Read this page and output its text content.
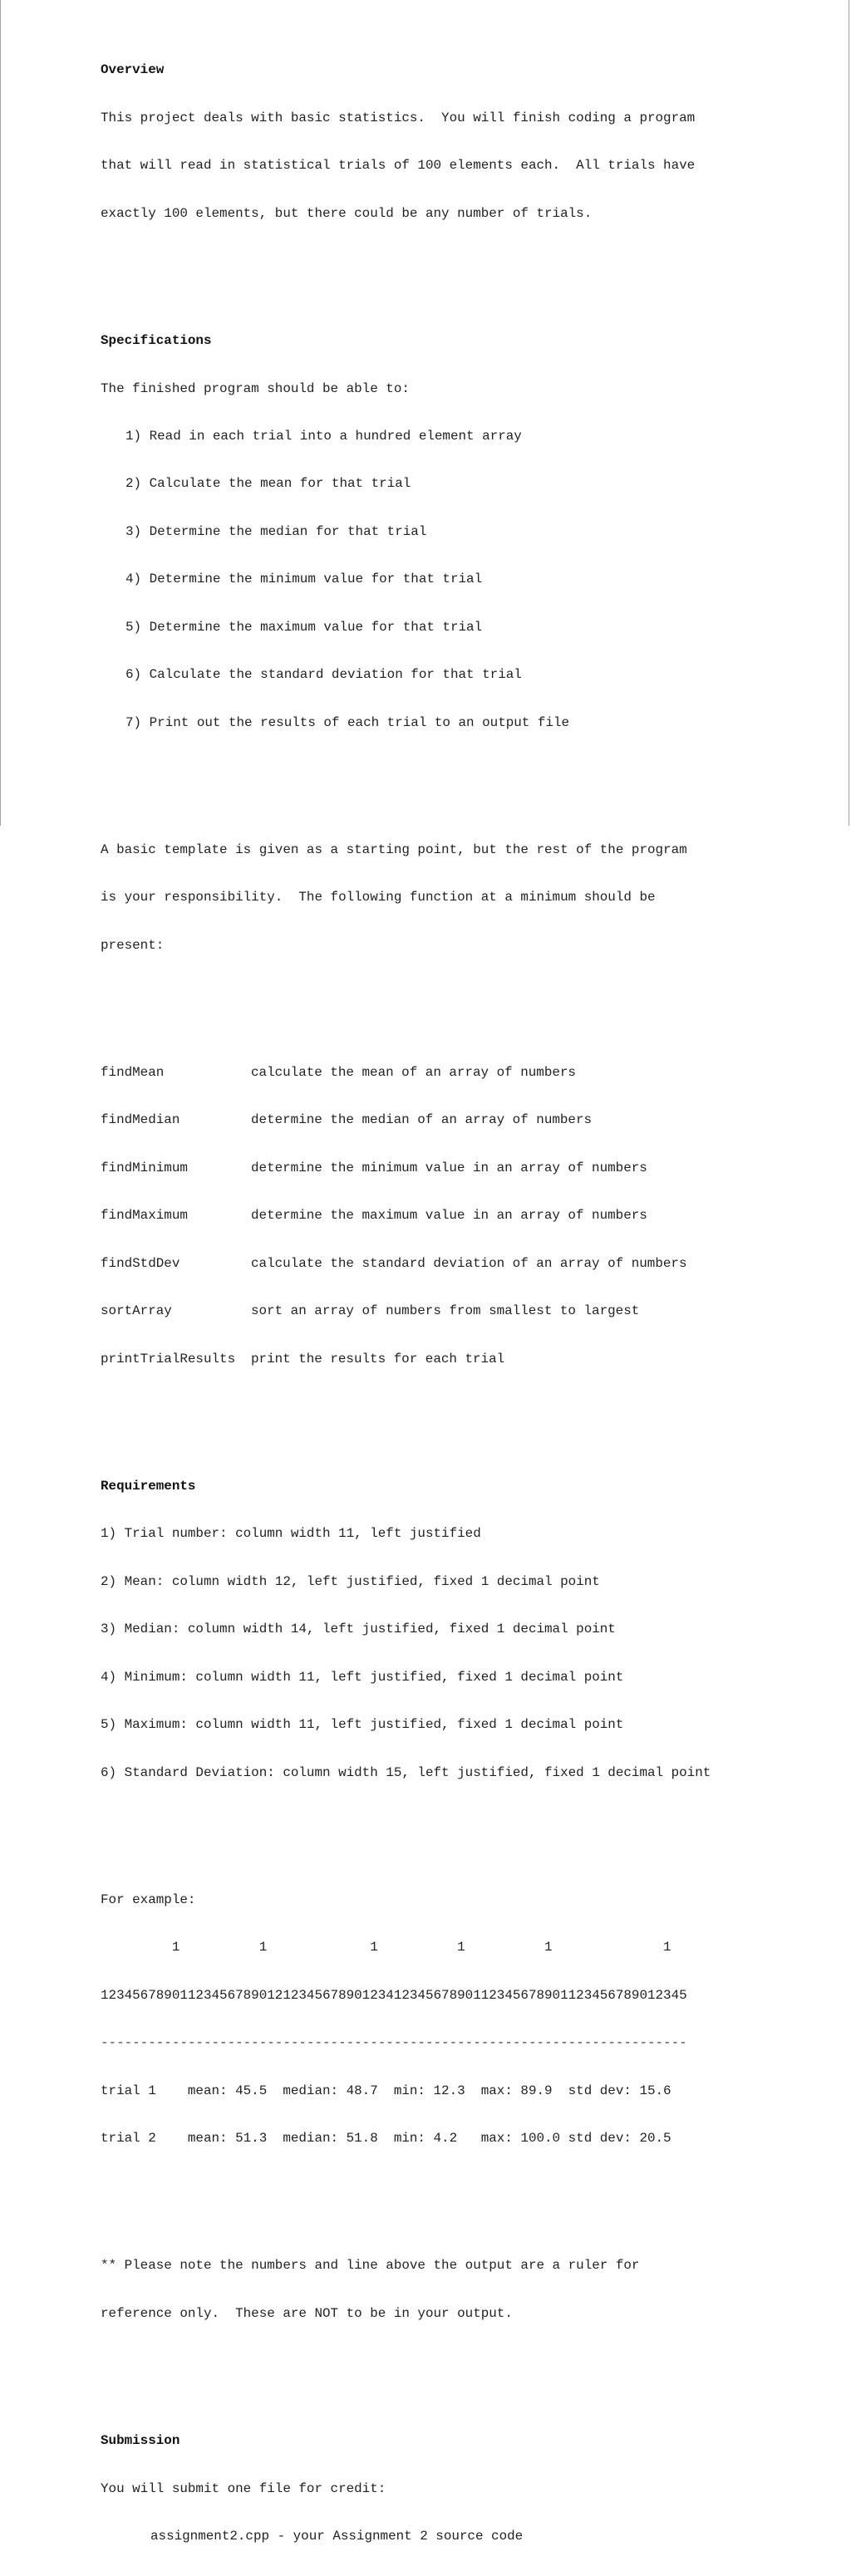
Overview

This project deals with basic statistics.  You will finish coding a program

that will read in statistical trials of 100 elements each.  All trials have

exactly 100 elements, but there could be any number of trials.

Specifications

The finished program should be able to:

1) Read in each trial into a hundred element array

2) Calculate the mean for that trial

3) Determine the median for that trial

4) Determine the minimum value for that trial

5) Determine the maximum value for that trial

6) Calculate the standard deviation for that trial

7) Print out the results of each trial to an output file

A basic template is given as a starting point, but the rest of the program

is your responsibility.  The following function at a minimum should be

present:

findMean	calculate the mean of an array of numbers

findMedian	determine the median of an array of numbers

findMinimum	determine the minimum value in an array of numbers

findMaximum	determine the maximum value in an array of numbers

findStdDev	calculate the standard deviation of an array of numbers

sortArray	sort an array of numbers from smallest to largest

printTrialResults print the results for each trial

Requirements

1) Trial number: column width 11, left justified

2) Mean: column width 12, left justified, fixed 1 decimal point

3) Median: column width 14, left justified, fixed 1 decimal point

4) Minimum: column width 11, left justified, fixed 1 decimal point

5) Maximum: column width 11, left justified, fixed 1 decimal point

6) Standard Deviation: column width 15, left justified, fixed 1 decimal point

For example:

1          1             1          1          1              1

12345678901123456789012123456789012341234567890112345678901123456789012345

--------------------------------------------------------------------------

trial 1    mean: 45.5  median: 48.7  min: 12.3  max: 89.9  std dev: 15.6

trial 2    mean: 51.3  median: 51.8  min: 4.2   max: 100.0 std dev: 20.5

** Please note the numbers and line above the output are a ruler for

reference only.  These are NOT to be in your output.

Submission

You will submit one file for credit:

assignment2.cpp - your Assignment 2 source code
